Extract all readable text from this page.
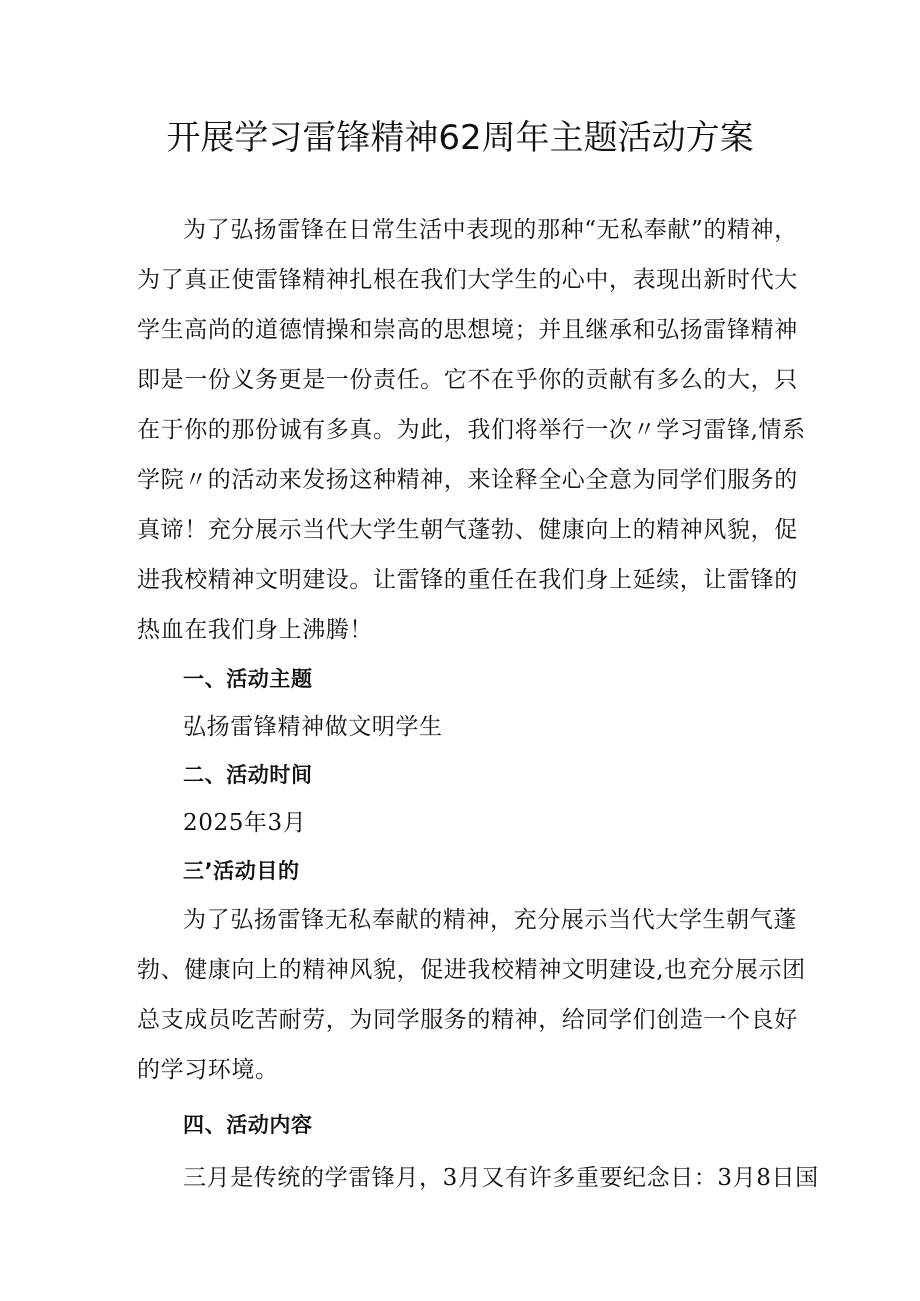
开展学习雷锋精神62周年主题活动方案

为了弘扬雷锋在日常生活中表现的那种“无私奉献”的精神，

为了真正使雷锋精神扎根在我们大学生的心中，表现出新时代大

学生高尚的道德情操和崇高的思想境；并且继承和弘扬雷锋精神

即是一份义务更是一份责任。它不在乎你的贡献有多么的大，只

在于你的那份诚有多真。为此，我们将举行一次〃学习雷锋,情系

学院〃的活动来发扬这种精神，来诠释全心全意为同学们服务的

真谛！充分展示当代大学生朝气蓬勃、健康向上的精神风貌，促

进我校精神文明建设。让雷锋的重任在我们身上延续，让雷锋的

热血在我们身上沸腾！

一、活动主题

弘扬雷锋精神做文明学生

二、活动时间

2025年3月

三’活动目的

为了弘扬雷锋无私奉献的精神，充分展示当代大学生朝气蓬

勃、健康向上的精神风貌，促进我校精神文明建设,也充分展示团

总支成员吃苦耐劳，为同学服务的精神，给同学们创造一个良好

的学习环境。

四、活动内容

三月是传统的学雷锋月，3月又有许多重要纪念日：3月8日国
